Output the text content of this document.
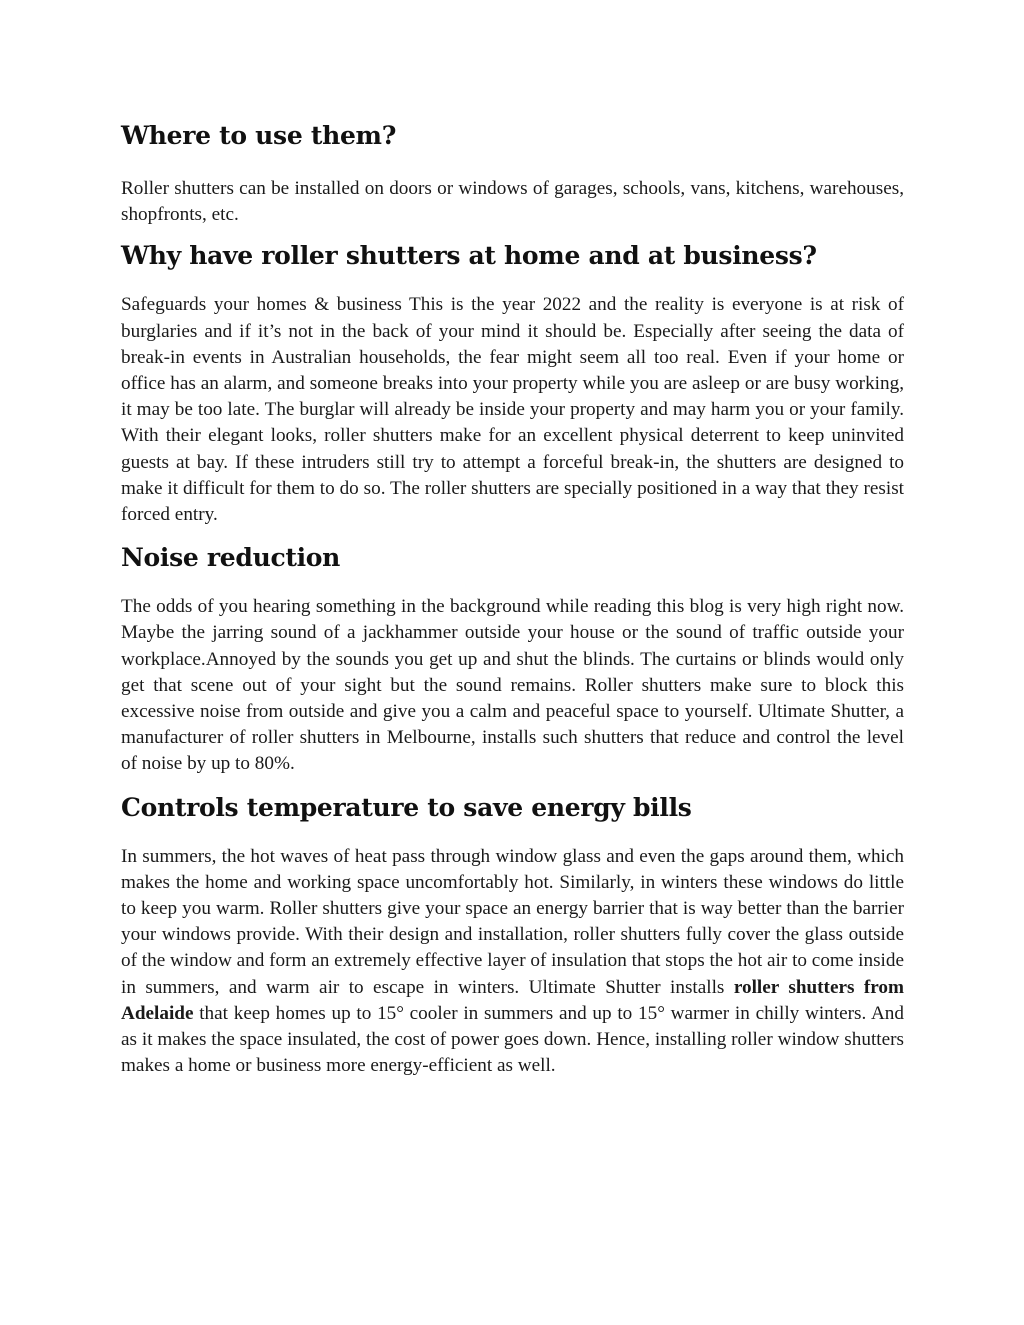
Where to use them?

Roller shutters can be installed on doors or windows of garages, schools, vans, kitchens, warehouses, shopfronts, etc.

Why have roller shutters at home and at business?

Safeguards your homes & business This is the year 2022 and the reality is everyone is at risk of burglaries and if it’s not in the back of your mind it should be. Especially after seeing the data of break-in events in Australian households, the fear might seem all too real. Even if your home or office has an alarm, and someone breaks into your property while you are asleep or are busy working, it may be too late. The burglar will already be inside your property and may harm you or your family. With their elegant looks, roller shutters make for an excellent physical deterrent to keep uninvited guests at bay. If these intruders still try to attempt a forceful break-in, the shutters are designed to make it difficult for them to do so. The roller shutters are specially positioned in a way that they resist forced entry.

Noise reduction

The odds of you hearing something in the background while reading this blog is very high right now. Maybe the jarring sound of a jackhammer outside your house or the sound of traffic outside your workplace.Annoyed by the sounds you get up and shut the blinds. The curtains or blinds would only get that scene out of your sight but the sound remains. Roller shutters make sure to block this excessive noise from outside and give you a calm and peaceful space to yourself. Ultimate Shutter, a manufacturer of roller shutters in Melbourne, installs such shutters that reduce and control the level of noise by up to 80%.

Controls temperature to save energy bills

In summers, the hot waves of heat pass through window glass and even the gaps around them, which makes the home and working space uncomfortably hot. Similarly, in winters these windows do little to keep you warm. Roller shutters give your space an energy barrier that is way better than the barrier your windows provide. With their design and installation, roller shutters fully cover the glass outside of the window and form an extremely effective layer of insulation that stops the hot air to come inside in summers, and warm air to escape in winters. Ultimate Shutter installs roller shutters from Adelaide that keep homes up to 15° cooler in summers and up to 15° warmer in chilly winters. And as it makes the space insulated, the cost of power goes down. Hence, installing roller window shutters makes a home or business more energy-efficient as well.
